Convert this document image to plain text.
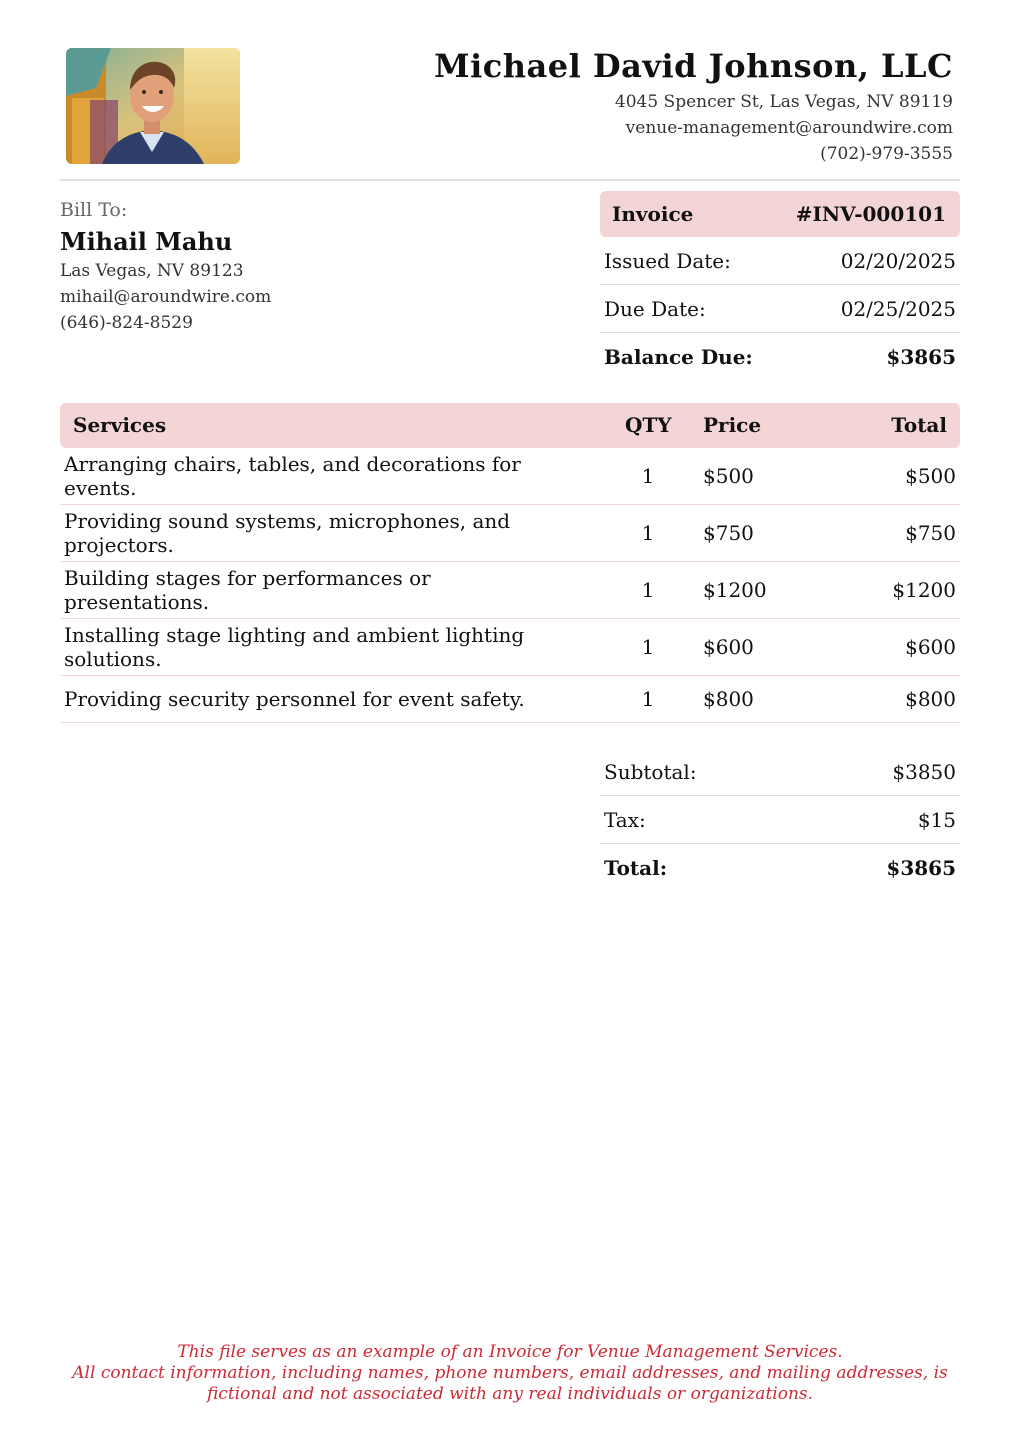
Michael David Johnson, LLC
4045 Spencer St, Las Vegas, NV 89119
venue-management@aroundwire.com
(702)-979-3555
Bill To:
Mihail Mahu
Las Vegas, NV 89123
mihail@aroundwire.com
(646)-824-8529
Invoice	#INV-000101
Issued Date:	02/20/2025
Due Date:	02/25/2025
Balance Due:	$3865
Services	QTY Price	Total
Arranging chairs, tables, and decorations for events.	1	$500	$500
Providing sound systems, microphones, and projectors.	1	$750	$750
Building stages for performances or presentations.	1	$1200	$1200
Installing stage lighting and ambient lighting solutions.	1	$600	$600
Providing security personnel for event safety.	1	$800	$800
Subtotal:	$3850
Tax:	$15
Total:	$3865
This file serves as an example of an Invoice for Venue Management Services.
All contact information, including names, phone numbers, email addresses, and mailing addresses, is
fictional and not associated with any real individuals or organizations.
